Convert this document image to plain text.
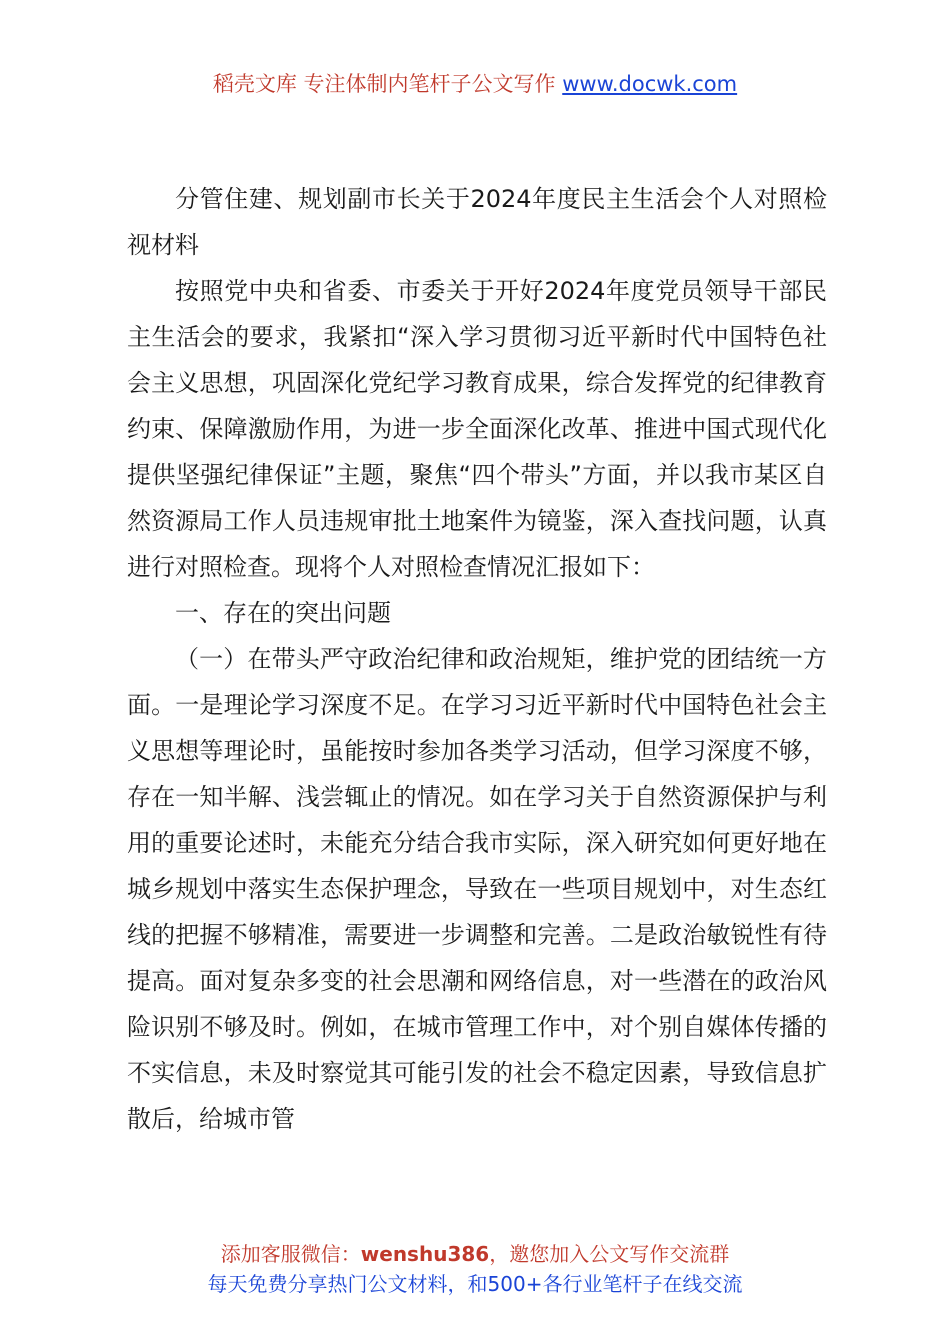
稻壳文库 专注体制内笔杆子公文写作 www.docwk.com

分管住建、规划副市长关于2024年度民主生活会个人对照检视材料

按照党中央和省委、市委关于开好2024年度党员领导干部民主生活会的要求，我紧扣“深入学习贯彻习近平新时代中国特色社会主义思想，巩固深化党纪学习教育成果，综合发挥党的纪律教育约束、保障激励作用，为进一步全面深化改革、推进中国式现代化提供坚强纪律保证”主题，聚焦“四个带头”方面，并以我市某区自然资源局工作人员违规审批土地案件为镜鉴，深入查找问题，认真进行对照检查。现将个人对照检查情况汇报如下：

一、存在的突出问题

（一）在带头严守政治纪律和政治规矩，维护党的团结统一方面。一是理论学习深度不足。在学习习近平新时代中国特色社会主义思想等理论时，虽能按时参加各类学习活动，但学习深度不够，存在一知半解、浅尝辄止的情况。如在学习关于自然资源保护与利用的重要论述时，未能充分结合我市实际，深入研究如何更好地在城乡规划中落实生态保护理念，导致在一些项目规划中，对生态红线的把握不够精准，需要进一步调整和完善。二是政治敏锐性有待提高。面对复杂多变的社会思潮和网络信息，对一些潜在的政治风险识别不够及时。例如，在城市管理工作中，对个别自媒体传播的不实信息，未及时察觉其可能引发的社会不稳定因素，导致信息扩散后，给城市管

添加客服微信：wenshu386，邀您加入公文写作交流群
每天免费分享热门公文材料，和500+各行业笔杆子在线交流
